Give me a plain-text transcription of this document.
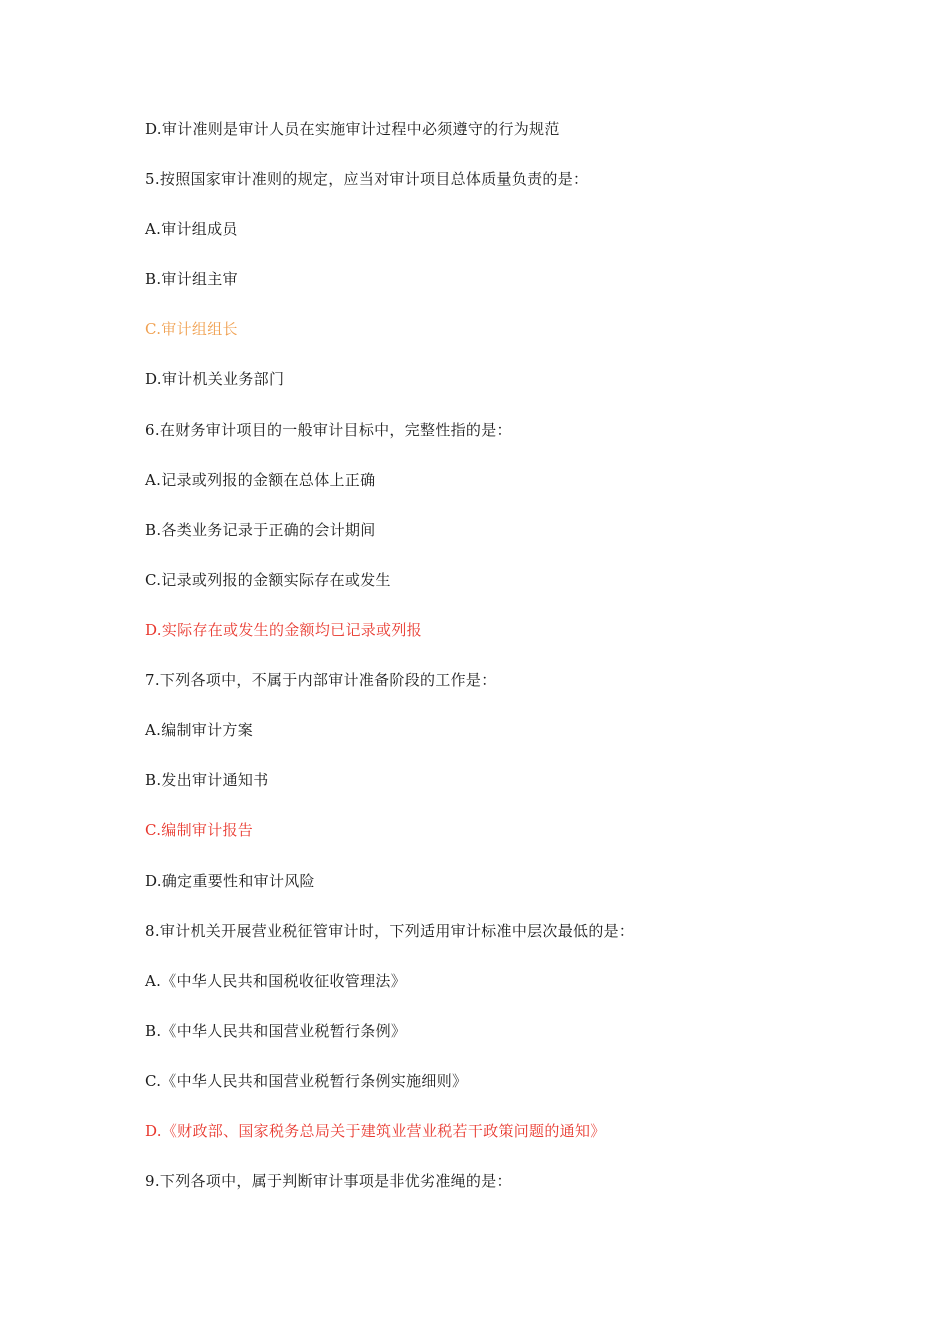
D.审计准则是审计人员在实施审计过程中必须遵守的行为规范
5.按照国家审计准则的规定，应当对审计项目总体质量负责的是：
A.审计组成员
B.审计组主审
C.审计组组长
D.审计机关业务部门
6.在财务审计项目的一般审计目标中，完整性指的是：
A.记录或列报的金额在总体上正确
B.各类业务记录于正确的会计期间
C.记录或列报的金额实际存在或发生
D.实际存在或发生的金额均已记录或列报
7.下列各项中，不属于内部审计准备阶段的工作是：
A.编制审计方案
B.发出审计通知书
C.编制审计报告
D.确定重要性和审计风险
8.审计机关开展营业税征管审计时，下列适用审计标准中层次最低的是：
A.《中华人民共和国税收征收管理法》
B.《中华人民共和国营业税暂行条例》
C.《中华人民共和国营业税暂行条例实施细则》
D.《财政部、国家税务总局关于建筑业营业税若干政策问题的通知》
9.下列各项中，属于判断审计事项是非优劣准绳的是：
